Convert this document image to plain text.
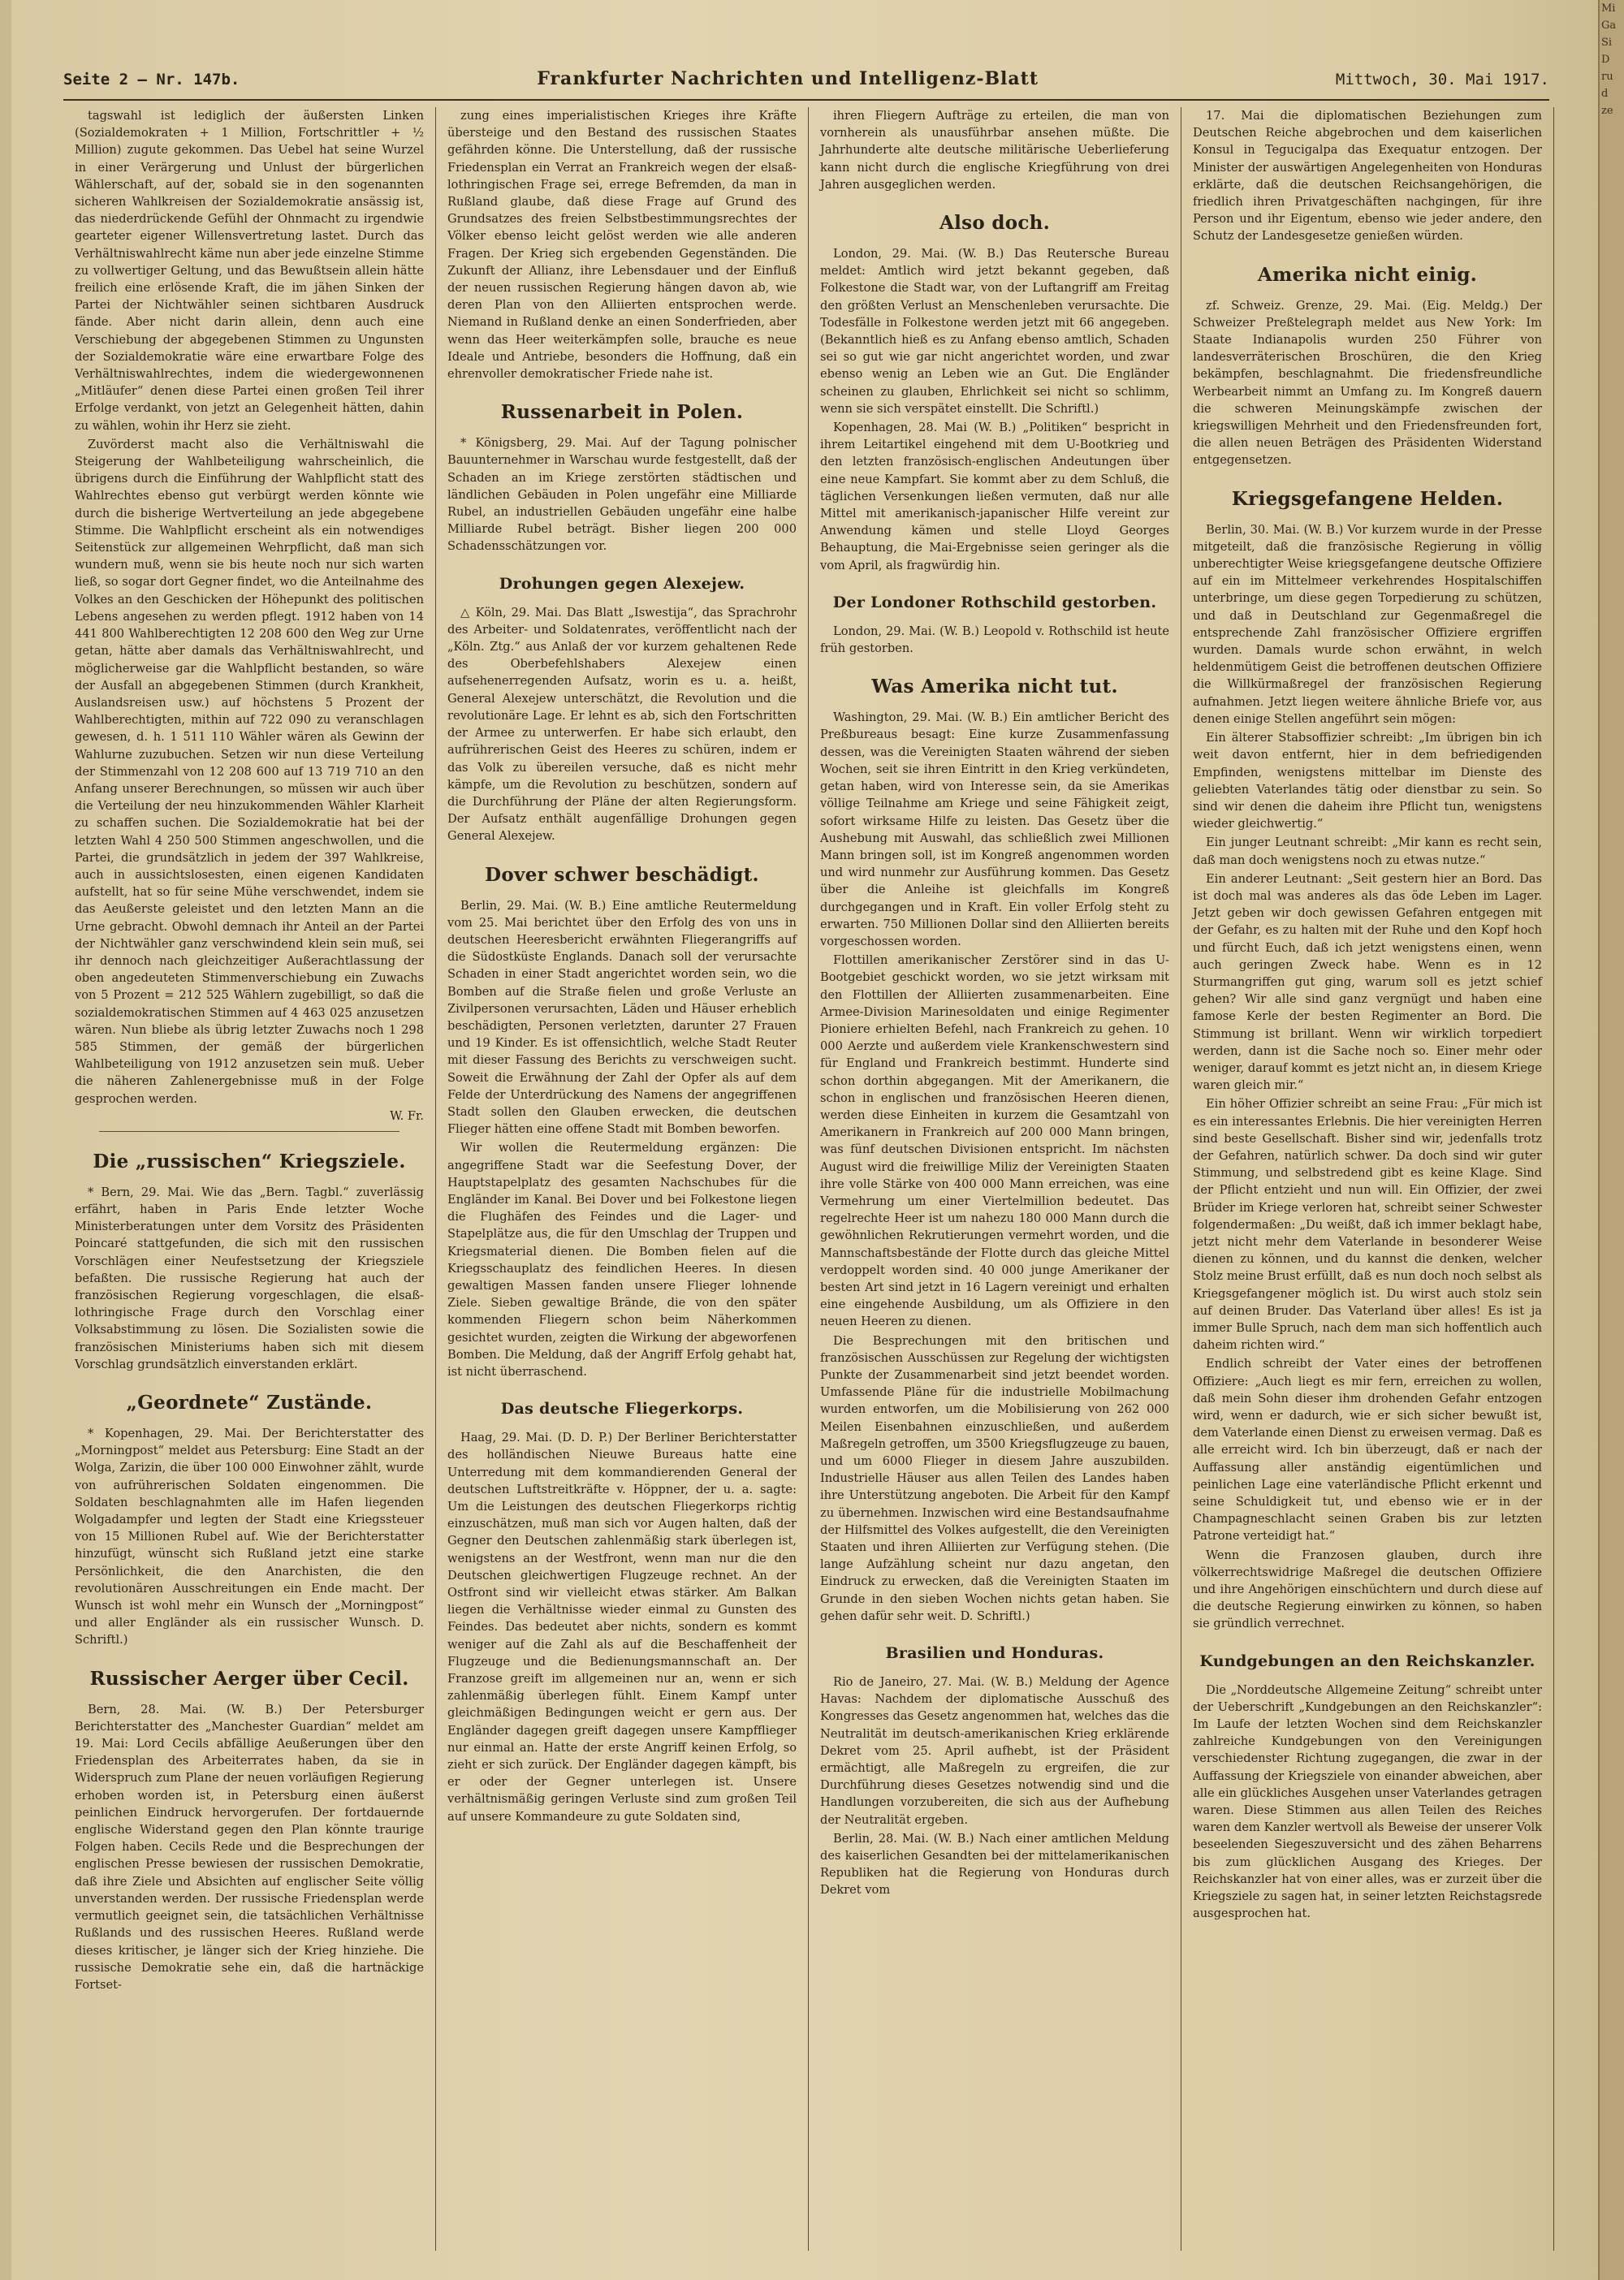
Seite 2 — Nr. 147b.	Frankfurter Nachrichten und Intelligenz-Blatt	Mittwoch, 30. Mai 1917.

tagswahl ist lediglich der äußersten Linken (Sozialdemokraten + 1 Million, Fortschrittler + ½ Million) zugute gekommen. Das Uebel hat seine Wurzel in einer Verärgerung und Unlust der bürgerlichen Wählerschaft, auf der, sobald sie in den sogenannten sicheren Wahlkreisen der Sozialdemokratie ansässig ist, das niederdrückende Gefühl der Ohnmacht zu irgendwie gearteter eigener Willensvertretung lastet. Durch das Verhältniswahlrecht käme nun aber jede einzelne Stimme zu vollwertiger Geltung, und das Bewußtsein allein hätte freilich eine erlösende Kraft, die im jähen Sinken der Partei der Nichtwähler seinen sichtbaren Ausdruck fände. Aber nicht darin allein, denn auch eine Verschiebung der abgegebenen Stimmen zu Ungunsten der Sozialdemokratie wäre eine erwartbare Folge des Verhältniswahlrechtes, indem die wiedergewonnenen „Mitläufer“ denen diese Partei einen großen Teil ihrer Erfolge verdankt, von jetzt an Gelegenheit hätten, dahin zu wählen, wohin ihr Herz sie zieht.

Zuvörderst macht also die Verhältniswahl die Steigerung der Wahlbeteiligung wahrscheinlich, die übrigens durch die Einführung der Wahlpflicht statt des Wahlrechtes ebenso gut verbürgt werden könnte wie durch die bisherige Wertverteilung an jede abgegebene Stimme. Die Wahlpflicht erscheint als ein notwendiges Seitenstück zur allgemeinen Wehrpflicht, daß man sich wundern muß, wenn sie bis heute noch nur sich warten ließ, so sogar dort Gegner findet, wo die Anteilnahme des Volkes an den Geschicken der Höhepunkt des politischen Lebens angesehen zu werden pflegt. 1912 haben von 14 441 800 Wahlberechtigten 12 208 600 den Weg zur Urne getan, hätte aber damals das Verhältniswahlrecht, und möglicherweise gar die Wahlpflicht bestanden, so wäre der Ausfall an abgegebenen Stimmen (durch Krankheit, Auslandsreisen usw.) auf höchstens 5 Prozent der Wahlberechtigten, mithin auf 722 090 zu veranschlagen gewesen, d. h. 1 511 110 Wähler wären als Gewinn der Wahlurne zuzubuchen. Setzen wir nun diese Verteilung der Stimmenzahl von 12 208 600 auf 13 719 710 an den Anfang unserer Berechnungen, so müssen wir auch über die Verteilung der neu hinzukommenden Wähler Klarheit zu schaffen suchen. Die Sozialdemokratie hat bei der letzten Wahl 4 250 500 Stimmen angeschwollen, und die Partei, die grundsätzlich in jedem der 397 Wahlkreise, auch in aussichtslosesten, einen eigenen Kandidaten aufstellt, hat so für seine Mühe verschwendet, indem sie das Aeußerste geleistet und den letzten Mann an die Urne gebracht. Obwohl demnach ihr Anteil an der Partei der Nichtwähler ganz verschwindend klein sein muß, sei ihr dennoch nach gleichzeitiger Außerachtlassung der oben angedeuteten Stimmenverschiebung ein Zuwachs von 5 Prozent = 212 525 Wählern zugebilligt, so daß die sozialdemokratischen Stimmen auf 4 463 025 anzusetzen wären. Nun bliebe als übrig letzter Zuwachs noch 1 298 585 Stimmen, der gemäß der bürgerlichen Wahlbeteiligung von 1912 anzusetzen sein muß. Ueber die näheren Zahlenergebnisse muß in der Folge gesprochen werden.

W. Fr.
Die „russischen“ Kriegsziele.

* Bern, 29. Mai. Wie das „Bern. Tagbl.“ zuverlässig erfährt, haben in Paris Ende letzter Woche Ministerberatungen unter dem Vorsitz des Präsidenten Poincaré stattgefunden, die sich mit den russischen Vorschlägen einer Neufestsetzung der Kriegsziele befaßten. Die russische Regierung hat auch der französischen Regierung vorgeschlagen, die elsaß-lothringische Frage durch den Vorschlag einer Volksabstimmung zu lösen. Die Sozialisten sowie die französischen Ministeriums haben sich mit diesem Vorschlag grundsätzlich einverstanden erklärt.

„Geordnete“ Zustände.

* Kopenhagen, 29. Mai. Der Berichterstatter des „Morningpost“ meldet aus Petersburg: Eine Stadt an der Wolga, Zarizin, die über 100 000 Einwohner zählt, wurde von aufrührerischen Soldaten eingenommen. Die Soldaten beschlagnahmten alle im Hafen liegenden Wolgadampfer und legten der Stadt eine Kriegssteuer von 15 Millionen Rubel auf. Wie der Berichterstatter hinzufügt, wünscht sich Rußland jetzt eine starke Persönlichkeit, die den Anarchisten, die den revolutionären Ausschreitungen ein Ende macht. Der Wunsch ist wohl mehr ein Wunsch der „Morningpost“ und aller Engländer als ein russischer Wunsch. D. Schriftl.)

Russischer Aerger über Cecil.

Bern, 28. Mai. (W. B.) Der Petersburger Berichterstatter des „Manchester Guardian“ meldet am 19. Mai: Lord Cecils abfällige Aeußerungen über den Friedensplan des Arbeiterrates haben, da sie in Widerspruch zum Plane der neuen vorläufigen Regierung erhoben worden ist, in Petersburg einen äußerst peinlichen Eindruck hervorgerufen. Der fortdauernde englische Widerstand gegen den Plan könnte traurige Folgen haben. Cecils Rede und die Besprechungen der englischen Presse bewiesen der russischen Demokratie, daß ihre Ziele und Absichten auf englischer Seite völlig unverstanden werden. Der russische Friedensplan werde vermutlich geeignet sein, die tatsächlichen Verhältnisse Rußlands und des russischen Heeres. Rußland werde dieses kritischer, je länger sich der Krieg hinziehe. Die russische Demokratie sehe ein, daß die hartnäckige Fortset-

zung eines imperialistischen Krieges ihre Kräfte übersteige und den Bestand des russischen Staates gefährden könne. Die Unterstellung, daß der russische Friedensplan ein Verrat an Frankreich wegen der elsaß-lothringischen Frage sei, errege Befremden, da man in Rußland glaube, daß diese Frage auf Grund des Grundsatzes des freien Selbstbestimmungsrechtes der Völker ebenso leicht gelöst werden wie alle anderen Fragen. Der Krieg sich ergebenden Gegenständen. Die Zukunft der Allianz, ihre Lebensdauer und der Einfluß der neuen russischen Regierung hängen davon ab, wie deren Plan von den Alliierten entsprochen werde. Niemand in Rußland denke an einen Sonderfrieden, aber wenn das Heer weiterkämpfen solle, brauche es neue Ideale und Antriebe, besonders die Hoffnung, daß ein ehrenvoller demokratischer Friede nahe ist.

Russenarbeit in Polen.

* Königsberg, 29. Mai. Auf der Tagung polnischer Bauunternehmer in Warschau wurde festgestellt, daß der Schaden an im Kriege zerstörten städtischen und ländlichen Gebäuden in Polen ungefähr eine Milliarde Rubel, an industriellen Gebäuden ungefähr eine halbe Milliarde Rubel beträgt. Bisher liegen 200 000 Schadensschätzungen vor.

Drohungen gegen Alexejew.

△ Köln, 29. Mai. Das Blatt „Iswestija“, das Sprachrohr des Arbeiter- und Soldatenrates, veröffentlicht nach der „Köln. Ztg.“ aus Anlaß der vor kurzem gehaltenen Rede des Oberbefehlshabers Alexejew einen aufsehenerregenden Aufsatz, worin es u. a. heißt, General Alexejew unterschätzt, die Revolution und die revolutionäre Lage. Er lehnt es ab, sich den Fortschritten der Armee zu unterwerfen. Er habe sich erlaubt, den aufrührerischen Geist des Heeres zu schüren, indem er das Volk zu übereilen versuche, daß es nicht mehr kämpfe, um die Revolution zu beschützen, sondern auf die Durchführung der Pläne der alten Regierungsform. Der Aufsatz enthält augenfällige Drohungen gegen General Alexejew.

Dover schwer beschädigt.

Berlin, 29. Mai. (W. B.) Eine amtliche Reutermeldung vom 25. Mai berichtet über den Erfolg des von uns in deutschen Heeresbericht erwähnten Fliegerangriffs auf die Südostküste Englands. Danach soll der verursachte Schaden in einer Stadt angerichtet worden sein, wo die Bomben auf die Straße fielen und große Verluste an Zivilpersonen verursachten, Läden und Häuser erheblich beschädigten, Personen verletzten, darunter 27 Frauen und 19 Kinder. Es ist offensichtlich, welche Stadt Reuter mit dieser Fassung des Berichts zu verschweigen sucht. Soweit die Erwähnung der Zahl der Opfer als auf dem Felde der Unterdrückung des Namens der angegriffenen Stadt sollen den Glauben erwecken, die deutschen Flieger hätten eine offene Stadt mit Bomben beworfen.

Wir wollen die Reutermeldung ergänzen: Die angegriffene Stadt war die Seefestung Dover, der Hauptstapelplatz des gesamten Nachschubes für die Engländer im Kanal. Bei Dover und bei Folkestone liegen die Flughäfen des Feindes und die Lager- und Stapelplätze aus, die für den Umschlag der Truppen und Kriegsmaterial dienen. Die Bomben fielen auf die Kriegsschauplatz des feindlichen Heeres. In diesen gewaltigen Massen fanden unsere Flieger lohnende Ziele. Sieben gewaltige Brände, die von den später kommenden Fliegern schon beim Näherkommen gesichtet wurden, zeigten die Wirkung der abgeworfenen Bomben. Die Meldung, daß der Angriff Erfolg gehabt hat, ist nicht überraschend.

Das deutsche Fliegerkorps.

Haag, 29. Mai. (D. D. P.) Der Berliner Berichterstatter des holländischen Nieuwe Bureaus hatte eine Unterredung mit dem kommandierenden General der deutschen Luftstreitkräfte v. Höppner, der u. a. sagte: Um die Leistungen des deutschen Fliegerkorps richtig einzuschätzen, muß man sich vor Augen halten, daß der Gegner den Deutschen zahlenmäßig stark überlegen ist, wenigstens an der Westfront, wenn man nur die den Deutschen gleichwertigen Flugzeuge rechnet. An der Ostfront sind wir vielleicht etwas stärker. Am Balkan liegen die Verhältnisse wieder einmal zu Gunsten des Feindes. Das bedeutet aber nichts, sondern es kommt weniger auf die Zahl als auf die Beschaffenheit der Flugzeuge und die Bedienungsmannschaft an. Der Franzose greift im allgemeinen nur an, wenn er sich zahlenmäßig überlegen fühlt. Einem Kampf unter gleichmäßigen Bedingungen weicht er gern aus. Der Engländer dagegen greift dagegen unsere Kampfflieger nur einmal an. Hatte der erste Angriff keinen Erfolg, so zieht er sich zurück. Der Engländer dagegen kämpft, bis er oder der Gegner unterlegen ist. Unsere verhältnismäßig geringen Verluste sind zum großen Teil auf unsere Kommandeure zu gute Soldaten sind,

ihren Fliegern Aufträge zu erteilen, die man von vornherein als unausführbar ansehen müßte. Die Jahrhunderte alte deutsche militärische Ueberlieferung kann nicht durch die englische Kriegführung von drei Jahren ausgeglichen werden.

Also doch.

London, 29. Mai. (W. B.) Das Reutersche Bureau meldet: Amtlich wird jetzt bekannt gegeben, daß Folkestone die Stadt war, von der Luftangriff am Freitag den größten Verlust an Menschenleben verursachte. Die Todesfälle in Folkestone werden jetzt mit 66 angegeben. (Bekanntlich hieß es zu Anfang ebenso amtlich, Schaden sei so gut wie gar nicht angerichtet worden, und zwar ebenso wenig an Leben wie an Gut. Die Engländer scheinen zu glauben, Ehrlichkeit sei nicht so schlimm, wenn sie sich verspätet einstellt. Die Schriftl.)

Kopenhagen, 28. Mai (W. B.) „Politiken“ bespricht in ihrem Leitartikel eingehend mit dem U-Bootkrieg und den letzten französisch-englischen Andeutungen über eine neue Kampfart. Sie kommt aber zu dem Schluß, die täglichen Versenkungen ließen vermuten, daß nur alle Mittel mit amerikanisch-japanischer Hilfe vereint zur Anwendung kämen und stelle Lloyd Georges Behauptung, die Mai-Ergebnisse seien geringer als die vom April, als fragwürdig hin.

Der Londoner Rothschild gestorben.

London, 29. Mai. (W. B.) Leopold v. Rothschild ist heute früh gestorben.

Was Amerika nicht tut.

Washington, 29. Mai. (W. B.) Ein amtlicher Bericht des Preßbureaus besagt: Eine kurze Zusammenfassung dessen, was die Vereinigten Staaten während der sieben Wochen, seit sie ihren Eintritt in den Krieg verkündeten, getan haben, wird von Interesse sein, da sie Amerikas völlige Teilnahme am Kriege und seine Fähigkeit zeigt, sofort wirksame Hilfe zu leisten. Das Gesetz über die Aushebung mit Auswahl, das schließlich zwei Millionen Mann bringen soll, ist im Kongreß angenommen worden und wird nunmehr zur Ausführung kommen. Das Gesetz über die Anleihe ist gleichfalls im Kongreß durchgegangen und in Kraft. Ein voller Erfolg steht zu erwarten. 750 Millionen Dollar sind den Alliierten bereits vorgeschossen worden.

Flottillen amerikanischer Zerstörer sind in das U-Bootgebiet geschickt worden, wo sie jetzt wirksam mit den Flottillen der Alliierten zusammenarbeiten. Eine Armee-Division Marinesoldaten und einige Regimenter Pioniere erhielten Befehl, nach Frankreich zu gehen. 10 000 Aerzte und außerdem viele Krankenschwestern sind für England und Frankreich bestimmt. Hunderte sind schon dorthin abgegangen. Mit der Amerikanern, die schon in englischen und französischen Heeren dienen, werden diese Einheiten in kurzem die Gesamtzahl von Amerikanern in Frankreich auf 200 000 Mann bringen, was fünf deutschen Divisionen entspricht. Im nächsten August wird die freiwillige Miliz der Vereinigten Staaten ihre volle Stärke von 400 000 Mann erreichen, was eine Vermehrung um einer Viertelmillion bedeutet. Das regelrechte Heer ist um nahezu 180 000 Mann durch die gewöhnlichen Rekrutierungen vermehrt worden, und die Mannschaftsbestände der Flotte durch das gleiche Mittel verdoppelt worden sind. 40 000 junge Amerikaner der besten Art sind jetzt in 16 Lagern vereinigt und erhalten eine eingehende Ausbildung, um als Offiziere in den neuen Heeren zu dienen.

Die Besprechungen mit den britischen und französischen Ausschüssen zur Regelung der wichtigsten Punkte der Zusammenarbeit sind jetzt beendet worden. Umfassende Pläne für die industrielle Mobilmachung wurden entworfen, um die Mobilisierung von 262 000 Meilen Eisenbahnen einzuschließen, und außerdem Maßregeln getroffen, um 3500 Kriegsflugzeuge zu bauen, und um 6000 Flieger in diesem Jahre auszubilden. Industrielle Häuser aus allen Teilen des Landes haben ihre Unterstützung angeboten. Die Arbeit für den Kampf zu übernehmen. Inzwischen wird eine Bestandsaufnahme der Hilfsmittel des Volkes aufgestellt, die den Vereinigten Staaten und ihren Alliierten zur Verfügung stehen. (Die lange Aufzählung scheint nur dazu angetan, den Eindruck zu erwecken, daß die Vereinigten Staaten im Grunde in den sieben Wochen nichts getan haben. Sie gehen dafür sehr weit. D. Schriftl.)

Brasilien und Honduras.

Rio de Janeiro, 27. Mai. (W. B.) Meldung der Agence Havas: Nachdem der diplomatische Ausschuß des Kongresses das Gesetz angenommen hat, welches das die Neutralität im deutsch-amerikanischen Krieg erklärende Dekret vom 25. April aufhebt, ist der Präsident ermächtigt, alle Maßregeln zu ergreifen, die zur Durchführung dieses Gesetzes notwendig sind und die Handlungen vorzubereiten, die sich aus der Aufhebung der Neutralität ergeben.

Berlin, 28. Mai. (W. B.) Nach einer amtlichen Meldung des kaiserlichen Gesandten bei der mittelamerikanischen Republiken hat die Regierung von Honduras durch Dekret vom

17. Mai die diplomatischen Beziehungen zum Deutschen Reiche abgebrochen und dem kaiserlichen Konsul in Tegucigalpa das Exequatur entzogen. Der Minister der auswärtigen Angelegenheiten von Honduras erklärte, daß die deutschen Reichsangehörigen, die friedlich ihren Privatgeschäften nachgingen, für ihre Person und ihr Eigentum, ebenso wie jeder andere, den Schutz der Landesgesetze genießen würden.

Amerika nicht einig.

zf. Schweiz. Grenze, 29. Mai. (Eig. Meldg.) Der Schweizer Preßtelegraph meldet aus New York: Im Staate Indianapolis wurden 250 Führer von landesverräterischen Broschüren, die den Krieg bekämpfen, beschlagnahmt. Die friedensfreundliche Werbearbeit nimmt an Umfang zu. Im Kongreß dauern die schweren Meinungskämpfe zwischen der kriegswilligen Mehrheit und den Friedensfreunden fort, die allen neuen Beträgen des Präsidenten Widerstand entgegensetzen.

Kriegsgefangene Helden.

Berlin, 30. Mai. (W. B.) Vor kurzem wurde in der Presse mitgeteilt, daß die französische Regierung in völlig unberechtigter Weise kriegsgefangene deutsche Offiziere auf ein im Mittelmeer verkehrendes Hospitalschiffen unterbringe, um diese gegen Torpedierung zu schützen, und daß in Deutschland zur Gegenmaßregel die entsprechende Zahl französischer Offiziere ergriffen wurden. Damals wurde schon erwähnt, in welch heldenmütigem Geist die betroffenen deutschen Offiziere die Willkürmaßregel der französischen Regierung aufnahmen. Jetzt liegen weitere ähnliche Briefe vor, aus denen einige Stellen angeführt sein mögen:

Ein älterer Stabsoffizier schreibt: „Im übrigen bin ich weit davon entfernt, hier in dem befriedigenden Empfinden, wenigstens mittelbar im Dienste des geliebten Vaterlandes tätig oder dienstbar zu sein. So sind wir denen die daheim ihre Pflicht tun, wenigstens wieder gleichwertig.“

Ein junger Leutnant schreibt: „Mir kann es recht sein, daß man doch wenigstens noch zu etwas nutze.“

Ein anderer Leutnant: „Seit gestern hier an Bord. Das ist doch mal was anderes als das öde Leben im Lager. Jetzt geben wir doch gewissen Gefahren entgegen mit der Gefahr, es zu halten mit der Ruhe und den Kopf hoch und fürcht Euch, daß ich jetzt wenigstens einen, wenn auch geringen Zweck habe. Wenn es in 12 Sturmangriffen gut ging, warum soll es jetzt schief gehen? Wir alle sind ganz vergnügt und haben eine famose Kerle der besten Regimenter an Bord. Die Stimmung ist brillant. Wenn wir wirklich torpediert werden, dann ist die Sache noch so. Einer mehr oder weniger, darauf kommt es jetzt nicht an, in diesem Kriege waren gleich mir.“

Ein höher Offizier schreibt an seine Frau: „Für mich ist es ein interessantes Erlebnis. Die hier vereinigten Herren sind beste Gesellschaft. Bisher sind wir, jedenfalls trotz der Gefahren, natürlich schwer. Da doch sind wir guter Stimmung, und selbstredend gibt es keine Klage. Sind der Pflicht entzieht und nun will. Ein Offizier, der zwei Brüder im Kriege verloren hat, schreibt seiner Schwester folgendermaßen: „Du weißt, daß ich immer beklagt habe, jetzt nicht mehr dem Vaterlande in besonderer Weise dienen zu können, und du kannst die denken, welcher Stolz meine Brust erfüllt, daß es nun doch noch selbst als Kriegsgefangener möglich ist. Du wirst auch stolz sein auf deinen Bruder. Das Vaterland über alles! Es ist ja immer Bulle Spruch, nach dem man sich hoffentlich auch daheim richten wird.“

Endlich schreibt der Vater eines der betroffenen Offiziere: „Auch liegt es mir fern, erreichen zu wollen, daß mein Sohn dieser ihm drohenden Gefahr entzogen wird, wenn er dadurch, wie er sich sicher bewußt ist, dem Vaterlande einen Dienst zu erweisen vermag. Daß es alle erreicht wird. Ich bin überzeugt, daß er nach der Auffassung aller anständig eigentümlichen und peinlichen Lage eine vaterländische Pflicht erkennt und seine Schuldigkeit tut, und ebenso wie er in der Champagneschlacht seinen Graben bis zur letzten Patrone verteidigt hat.“

Wenn die Franzosen glauben, durch ihre völkerrechtswidrige Maßregel die deutschen Offiziere und ihre Angehörigen einschüchtern und durch diese auf die deutsche Regierung einwirken zu können, so haben sie gründlich verrechnet.

Kundgebungen an den Reichskanzler.

Die „Norddeutsche Allgemeine Zeitung“ schreibt unter der Ueberschrift „Kundgebungen an den Reichskanzler“: Im Laufe der letzten Wochen sind dem Reichskanzler zahlreiche Kundgebungen von den Vereinigungen verschiedenster Richtung zugegangen, die zwar in der Auffassung der Kriegsziele von einander abweichen, aber alle ein glückliches Ausgehen unser Vaterlandes getragen waren. Diese Stimmen aus allen Teilen des Reiches waren dem Kanzler wertvoll als Beweise der unserer Volk beseelenden Siegeszuversicht und des zähen Beharrens bis zum glücklichen Ausgang des Krieges. Der Reichskanzler hat von einer alles, was er zurzeit über die Kriegsziele zu sagen hat, in seiner letzten Reichstagsrede ausgesprochen hat.

Mi
Ga
Si
D
ru
d
ze
